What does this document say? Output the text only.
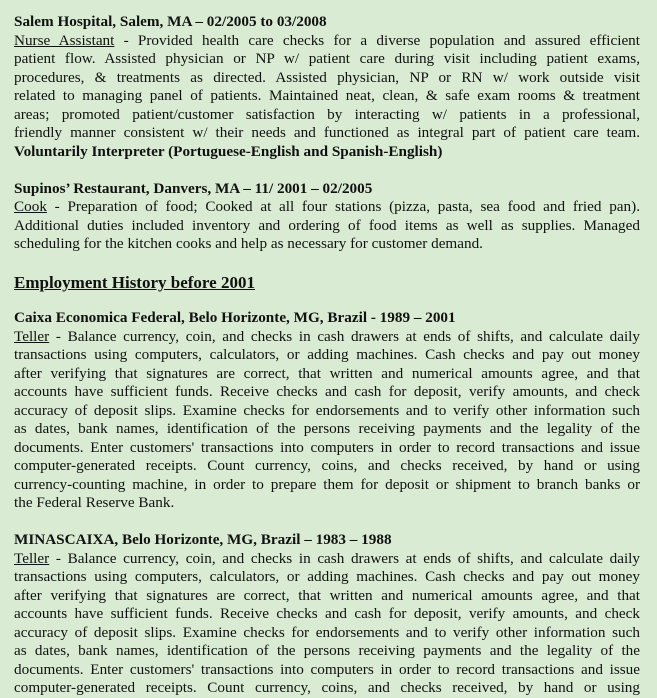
Salem Hospital, Salem, MA – 02/2005 to 03/2008
Nurse Assistant - Provided health care checks for a diverse population and assured efficient
patient flow. Assisted physician or NP w/ patient care during visit including patient exams,
procedures, & treatments as directed. Assisted physician, NP or RN w/ work outside visit
related to managing panel of patients. Maintained neat, clean, & safe exam rooms & treatment
areas; promoted patient/customer satisfaction by interacting w/ patients in a professional,
friendly manner consistent w/ their needs and functioned as integral part of patient care team.
Voluntarily Interpreter (Portuguese-English and Spanish-English)
Supinos’ Restaurant, Danvers, MA – 11/ 2001 – 02/2005
Cook - Preparation of food; Cooked at all four stations (pizza, pasta, sea food and fried pan).
Additional duties included inventory and ordering of food items as well as supplies. Managed
scheduling for the kitchen cooks and help as necessary for customer demand.
Employment History before 2001
Caixa Economica Federal, Belo Horizonte, MG, Brazil - 1989 – 2001
Teller - Balance currency, coin, and checks in cash drawers at ends of shifts, and calculate daily
transactions using computers, calculators, or adding machines. Cash checks and pay out money
after verifying that signatures are correct, that written and numerical amounts agree, and that
accounts have sufficient funds. Receive checks and cash for deposit, verify amounts, and check
accuracy of deposit slips. Examine checks for endorsements and to verify other information such
as dates, bank names, identification of the persons receiving payments and the legality of the
documents. Enter customers' transactions into computers in order to record transactions and issue
computer-generated receipts. Count currency, coins, and checks received, by hand or using
currency-counting machine, in order to prepare them for deposit or shipment to branch banks or
the Federal Reserve Bank.
MINASCAIXA, Belo Horizonte, MG, Brazil – 1983 – 1988
Teller - Balance currency, coin, and checks in cash drawers at ends of shifts, and calculate daily
transactions using computers, calculators, or adding machines. Cash checks and pay out money
after verifying that signatures are correct, that written and numerical amounts agree, and that
accounts have sufficient funds. Receive checks and cash for deposit, verify amounts, and check
accuracy of deposit slips. Examine checks for endorsements and to verify other information such
as dates, bank names, identification of the persons receiving payments and the legality of the
documents. Enter customers' transactions into computers in order to record transactions and issue
computer-generated receipts. Count currency, coins, and checks received, by hand or using
